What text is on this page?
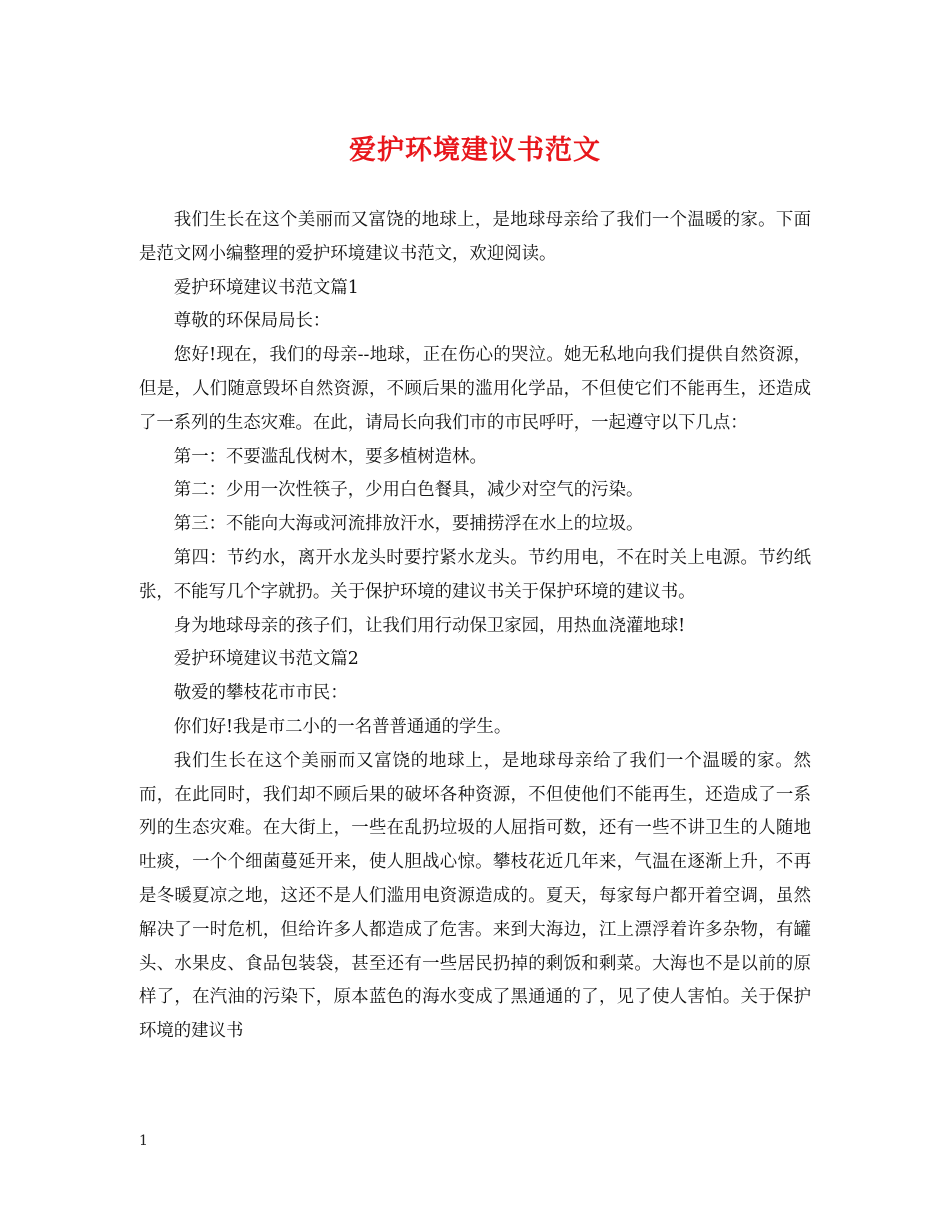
爱护环境建议书范文

我们生长在这个美丽而又富饶的地球上，是地球母亲给了我们一个温暖的家。下面是范文网小编整理的爱护环境建议书范文，欢迎阅读。

爱护环境建议书范文篇1

尊敬的环保局局长：

您好!现在，我们的母亲--地球，正在伤心的哭泣。她无私地向我们提供自然资源，但是，人们随意毁坏自然资源，不顾后果的滥用化学品，不但使它们不能再生，还造成了一系列的生态灾难。在此，请局长向我们市的市民呼吁，一起遵守以下几点：

第一：不要滥乱伐树木，要多植树造林。

第二：少用一次性筷子，少用白色餐具，减少对空气的污染。

第三：不能向大海或河流排放汗水，要捕捞浮在水上的垃圾。

第四：节约水，离开水龙头时要拧紧水龙头。节约用电，不在时关上电源。节约纸张，不能写几个字就扔。关于保护环境的建议书关于保护环境的建议书。

身为地球母亲的孩子们，让我们用行动保卫家园，用热血浇灌地球!

爱护环境建议书范文篇2

敬爱的攀枝花市市民：

你们好!我是市二小的一名普普通通的学生。

我们生长在这个美丽而又富饶的地球上，是地球母亲给了我们一个温暖的家。然而，在此同时，我们却不顾后果的破坏各种资源，不但使他们不能再生，还造成了一系列的生态灾难。在大街上，一些在乱扔垃圾的人屈指可数，还有一些不讲卫生的人随地吐痰，一个个细菌蔓延开来，使人胆战心惊。攀枝花近几年来，气温在逐渐上升，不再是冬暖夏凉之地，这还不是人们滥用电资源造成的。夏天，每家每户都开着空调，虽然解决了一时危机，但给许多人都造成了危害。来到大海边，江上漂浮着许多杂物，有罐头、水果皮、食品包装袋，甚至还有一些居民扔掉的剩饭和剩菜。大海也不是以前的原样了，在汽油的污染下，原本蓝色的海水变成了黑通通的了，见了使人害怕。关于保护环境的建议书

1
